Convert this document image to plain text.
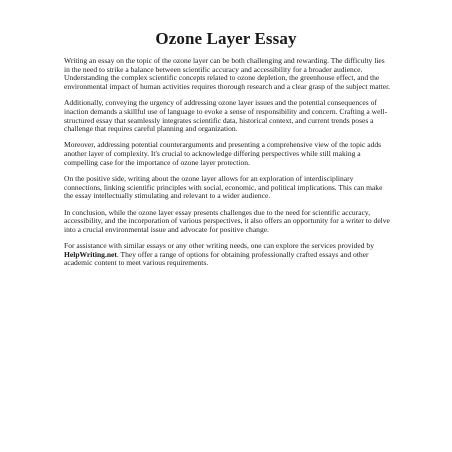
Ozone Layer Essay

Writing an essay on the topic of the ozone layer can be both challenging and rewarding. The difficulty lies in the need to strike a balance between scientific accuracy and accessibility for a broader audience. Understanding the complex scientific concepts related to ozone depletion, the greenhouse effect, and the environmental impact of human activities requires thorough research and a clear grasp of the subject matter.

Additionally, conveying the urgency of addressing ozone layer issues and the potential consequences of inaction demands a skillful use of language to evoke a sense of responsibility and concern. Crafting a well-structured essay that seamlessly integrates scientific data, historical context, and current trends poses a challenge that requires careful planning and organization.

Moreover, addressing potential counterarguments and presenting a comprehensive view of the topic adds another layer of complexity. It's crucial to acknowledge differing perspectives while still making a compelling case for the importance of ozone layer protection.

On the positive side, writing about the ozone layer allows for an exploration of interdisciplinary connections, linking scientific principles with social, economic, and political implications. This can make the essay intellectually stimulating and relevant to a wider audience.

In conclusion, while the ozone layer essay presents challenges due to the need for scientific accuracy, accessibility, and the incorporation of various perspectives, it also offers an opportunity for a writer to delve into a crucial environmental issue and advocate for positive change.

For assistance with similar essays or any other writing needs, one can explore the services provided by HelpWriting.net. They offer a range of options for obtaining professionally crafted essays and other academic content to meet various requirements.
